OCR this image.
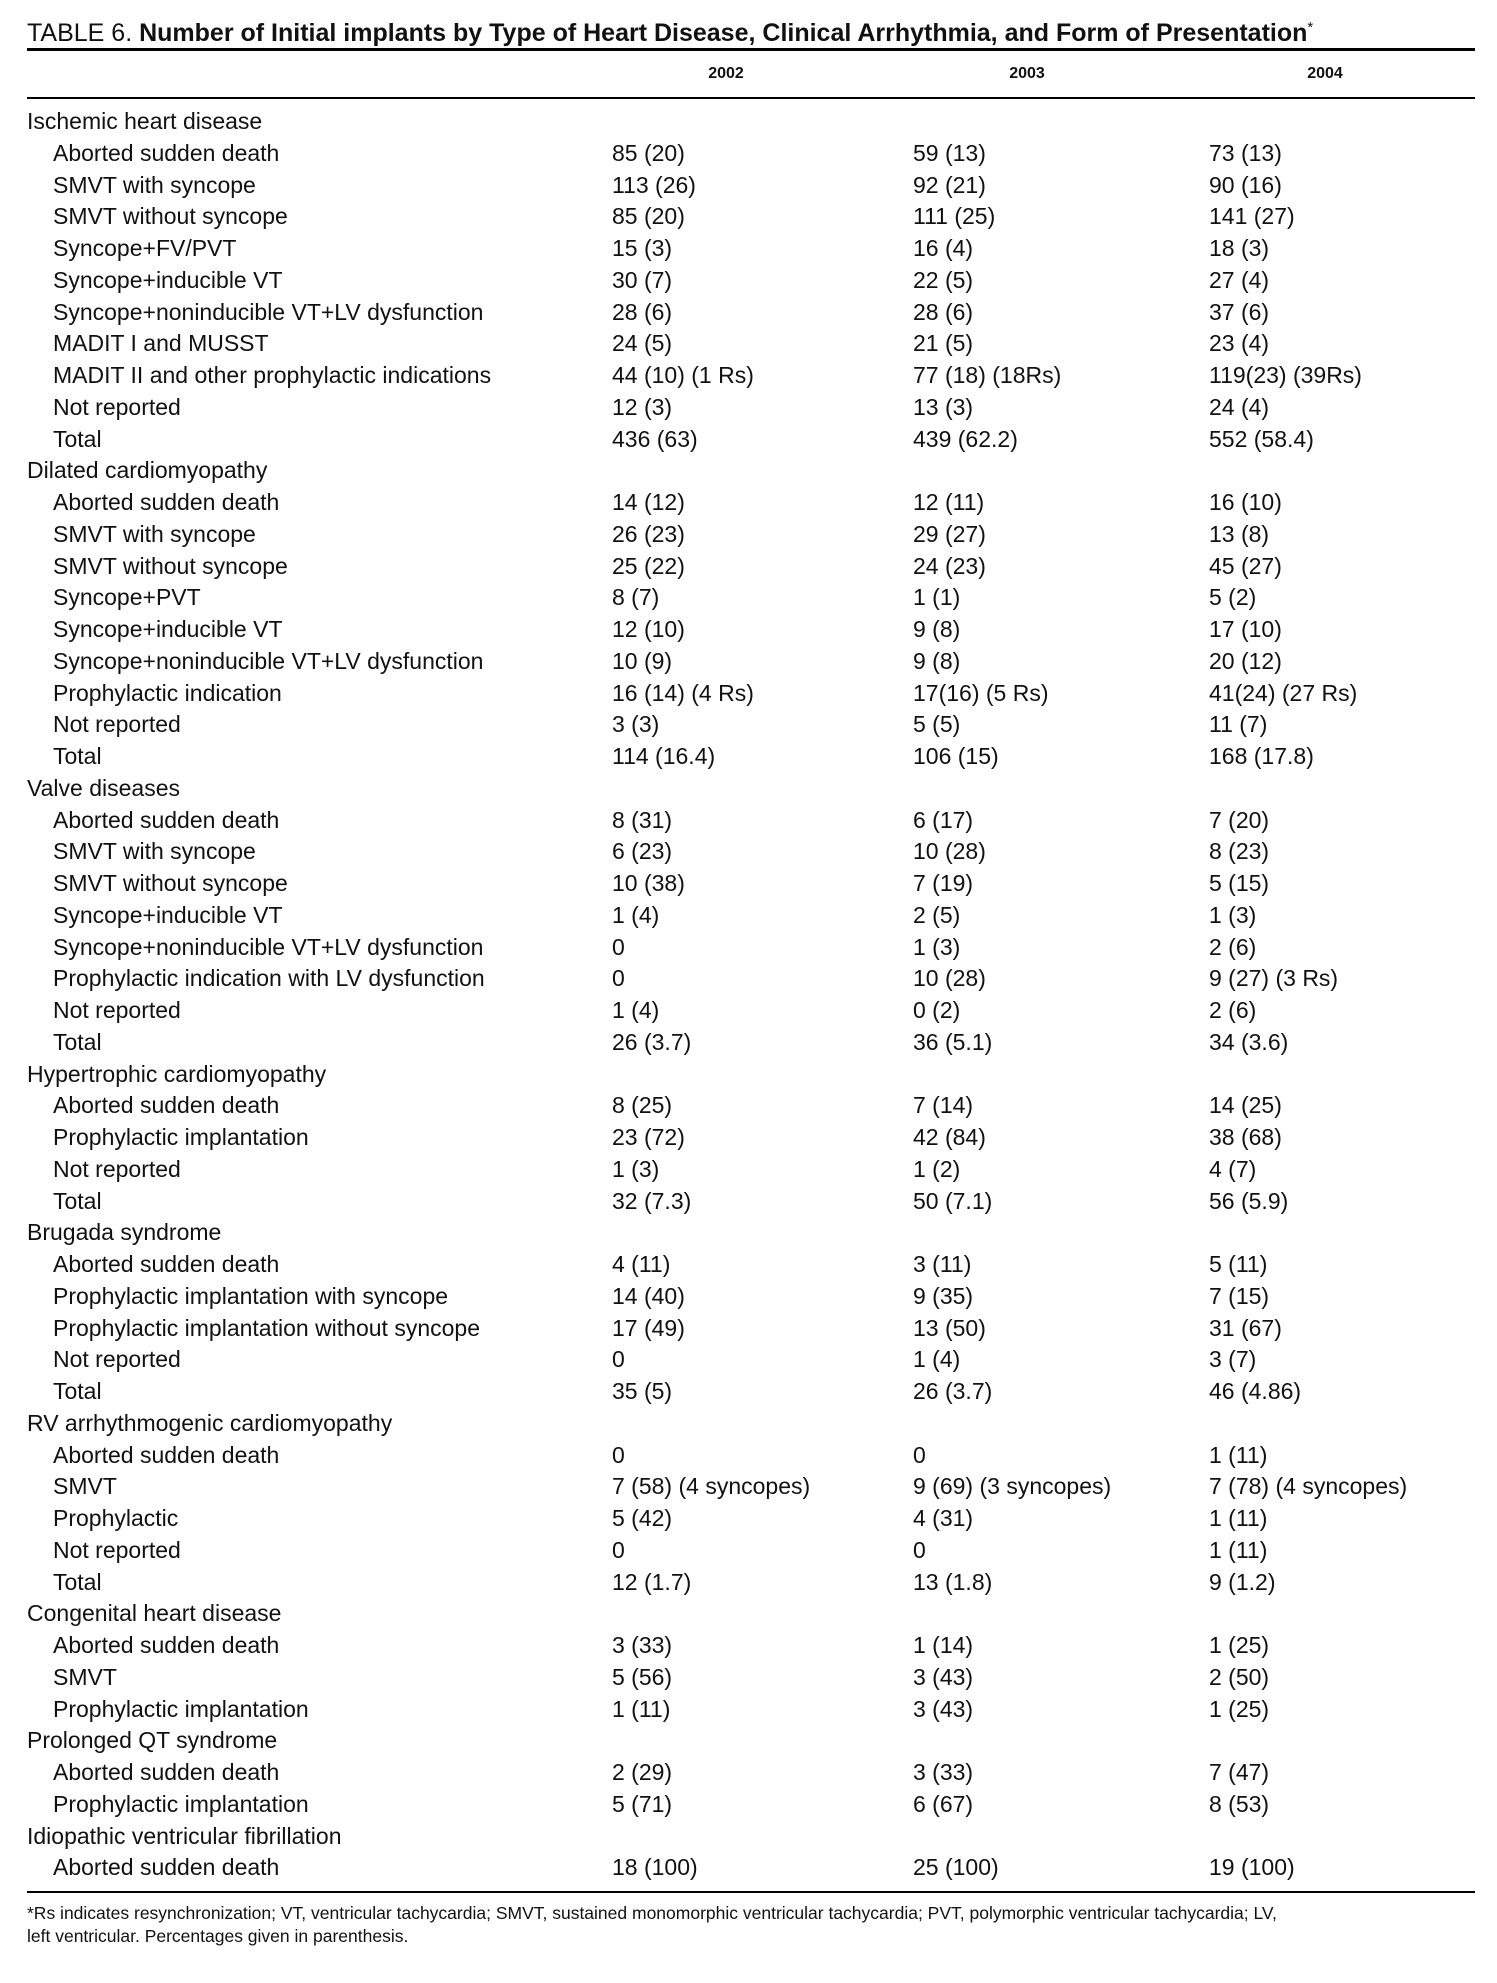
TABLE 6. Number of Initial implants by Type of Heart Disease, Clinical Arrhythmia, and Form of Presentation*
2002	2003	2004
Ischemic heart disease
Aborted sudden death	85 (20)	59 (13)	73 (13)
SMVT with syncope	113 (26)	92 (21)	90 (16)
SMVT without syncope	85 (20)	111 (25)	141 (27)
Syncope+FV/PVT	15 (3)	16 (4)	18 (3)
Syncope+inducible VT	30 (7)	22 (5)	27 (4)
Syncope+noninducible VT+LV dysfunction	28 (6)	28 (6)	37 (6)
MADIT I and MUSST	24 (5)	21 (5)	23 (4)
MADIT II and other prophylactic indications	44 (10) (1 Rs)	77 (18) (18Rs)	119(23) (39Rs)
Not reported	12 (3)	13 (3)	24 (4)
Total	436 (63)	439 (62.2)	552 (58.4)
Dilated cardiomyopathy
Aborted sudden death	14 (12)	12 (11)	16 (10)
SMVT with syncope	26 (23)	29 (27)	13 (8)
SMVT without syncope	25 (22)	24 (23)	45 (27)
Syncope+PVT	8 (7)	1 (1)	5 (2)
Syncope+inducible VT	12 (10)	9 (8)	17 (10)
Syncope+noninducible VT+LV dysfunction	10 (9)	9 (8)	20 (12)
Prophylactic indication	16 (14) (4 Rs)	17(16) (5 Rs)	41(24) (27 Rs)
Not reported	3 (3)	5 (5)	11 (7)
Total	114 (16.4)	106 (15)	168 (17.8)
Valve diseases
Aborted sudden death	8 (31)	6 (17)	7 (20)
SMVT with syncope	6 (23)	10 (28)	8 (23)
SMVT without syncope	10 (38)	7 (19)	5 (15)
Syncope+inducible VT	1 (4)	2 (5)	1 (3)
Syncope+noninducible VT+LV dysfunction	0	1 (3)	2 (6)
Prophylactic indication with LV dysfunction	0	10 (28)	9 (27) (3 Rs)
Not reported	1 (4)	0 (2)	2 (6)
Total	26 (3.7)	36 (5.1)	34 (3.6)
Hypertrophic cardiomyopathy
Aborted sudden death	8 (25)	7 (14)	14 (25)
Prophylactic implantation	23 (72)	42 (84)	38 (68)
Not reported	1 (3)	1 (2)	4 (7)
Total	32 (7.3)	50 (7.1)	56 (5.9)
Brugada syndrome
Aborted sudden death	4 (11)	3 (11)	5 (11)
Prophylactic implantation with syncope	14 (40)	9 (35)	7 (15)
Prophylactic implantation without syncope	17 (49)	13 (50)	31 (67)
Not reported	0	1 (4)	3 (7)
Total	35 (5)	26 (3.7)	46 (4.86)
RV arrhythmogenic cardiomyopathy
Aborted sudden death	0	0	1 (11)
SMVT	7 (58) (4 syncopes)	9 (69) (3 syncopes)	7 (78) (4 syncopes)
Prophylactic	5 (42)	4 (31)	1 (11)
Not reported	0	0	1 (11)
Total	12 (1.7)	13 (1.8)	9 (1.2)
Congenital heart disease
Aborted sudden death	3 (33)	1 (14)	1 (25)
SMVT	5 (56)	3 (43)	2 (50)
Prophylactic implantation	1 (11)	3 (43)	1 (25)
Prolonged QT syndrome
Aborted sudden death	2 (29)	3 (33)	7 (47)
Prophylactic implantation	5 (71)	6 (67)	8 (53)
Idiopathic ventricular fibrillation
Aborted sudden death	18 (100)	25 (100)	19 (100)
*Rs indicates resynchronization; VT, ventricular tachycardia; SMVT, sustained monomorphic ventricular tachycardia; PVT, polymorphic ventricular tachycardia; LV,
left ventricular. Percentages given in parenthesis.
